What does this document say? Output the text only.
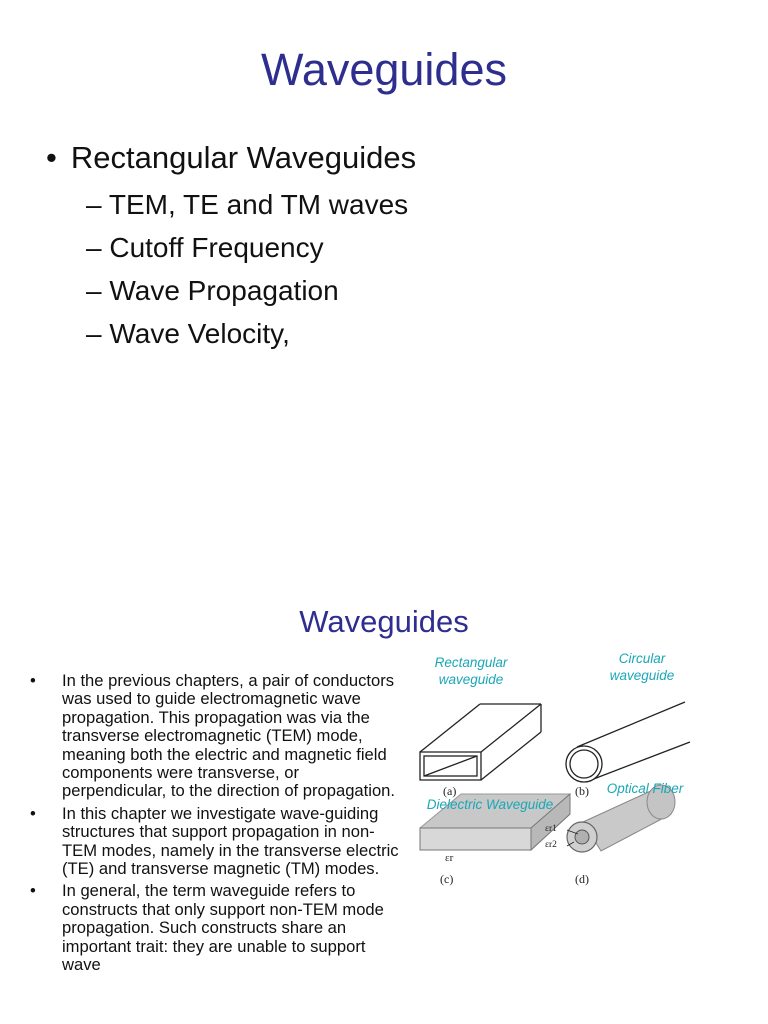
Waveguides
• Rectangular Waveguides
– TEM, TE and TM waves
– Cutoff Frequency
– Wave Propagation
– Wave Velocity,
Waveguides
• In the previous chapters, a pair of conductors was used to guide electromagnetic wave propagation. This propagation was via the transverse electromagnetic (TEM) mode, meaning both the electric and magnetic field components were transverse, or perpendicular, to the direction of propagation.
• In this chapter we investigate wave-guiding structures that support propagation in non-TEM modes, namely in the transverse electric (TE) and transverse magnetic (TM) modes.
• In general, the term waveguide refers to constructs that only support non-TEM mode propagation. Such constructs share an important trait: they are unable to support wave
Rectangular waveguide
Circular waveguide
Optical Fiber
Dielectric Waveguide
(a)	(b)
(c)	(d)
εr
εr1
εr2
